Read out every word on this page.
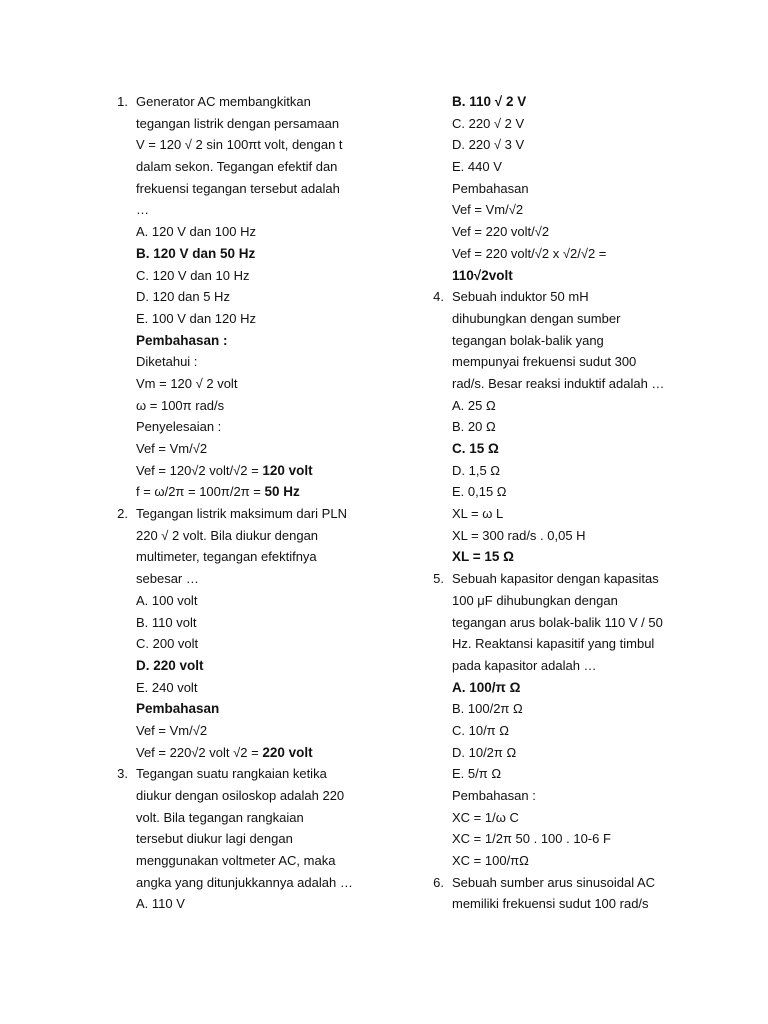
1. Generator AC membangkitkan
tegangan listrik dengan persamaan
V = 120 √ 2 sin 100πt volt, dengan t
dalam sekon. Tegangan efektif dan
frekuensi tegangan tersebut adalah
…
A. 120 V dan 100 Hz
B. 120 V dan 50 Hz
C. 120 V dan 10 Hz
D. 120 dan 5 Hz
E. 100 V dan 120 Hz
Pembahasan :
Diketahui :
Vm = 120 √ 2 volt
ω = 100π rad/s
Penyelesaian :
Vef = Vm/√2
Vef = 120√2 volt/√2 = 120 volt
f = ω/2π = 100π/2π = 50 Hz
2. Tegangan listrik maksimum dari PLN
220 √ 2 volt. Bila diukur dengan
multimeter, tegangan efektifnya
sebesar …
A. 100 volt
B. 110 volt
C. 200 volt
D. 220 volt
E. 240 volt
Pembahasan
Vef = Vm/√2
Vef = 220√2 volt √2 = 220 volt
3. Tegangan suatu rangkaian ketika
diukur dengan osiloskop adalah 220
volt. Bila tegangan rangkaian
tersebut diukur lagi dengan
menggunakan voltmeter AC, maka
angka yang ditunjukkannya adalah …
A. 110 V
B. 110 √ 2 V
C. 220 √ 2 V
D. 220 √ 3 V
E. 440 V
Pembahasan
Vef = Vm/√2
Vef = 220 volt/√2
Vef = 220 volt/√2 x √2/√2 =
110√2volt
4. Sebuah induktor 50 mH
dihubungkan dengan sumber
tegangan bolak-balik yang
mempunyai frekuensi sudut 300
rad/s. Besar reaksi induktif adalah …
A. 25 Ω
B. 20 Ω
C. 15 Ω
D. 1,5 Ω
E. 0,15 Ω
XL = ω L
XL = 300 rad/s . 0,05 H
XL = 15 Ω
5. Sebuah kapasitor dengan kapasitas
100 μF dihubungkan dengan
tegangan arus bolak-balik 110 V / 50
Hz. Reaktansi kapasitif yang timbul
pada kapasitor adalah …
A. 100/π Ω
B. 100/2π Ω
C. 10/π Ω
D. 10/2π Ω
E. 5/π Ω
Pembahasan :
XC = 1/ω C
XC = 1/2π 50 . 100 . 10-6 F
XC = 100/πΩ
6. Sebuah sumber arus sinusoidal AC
memiliki frekuensi sudut 100 rad/s
